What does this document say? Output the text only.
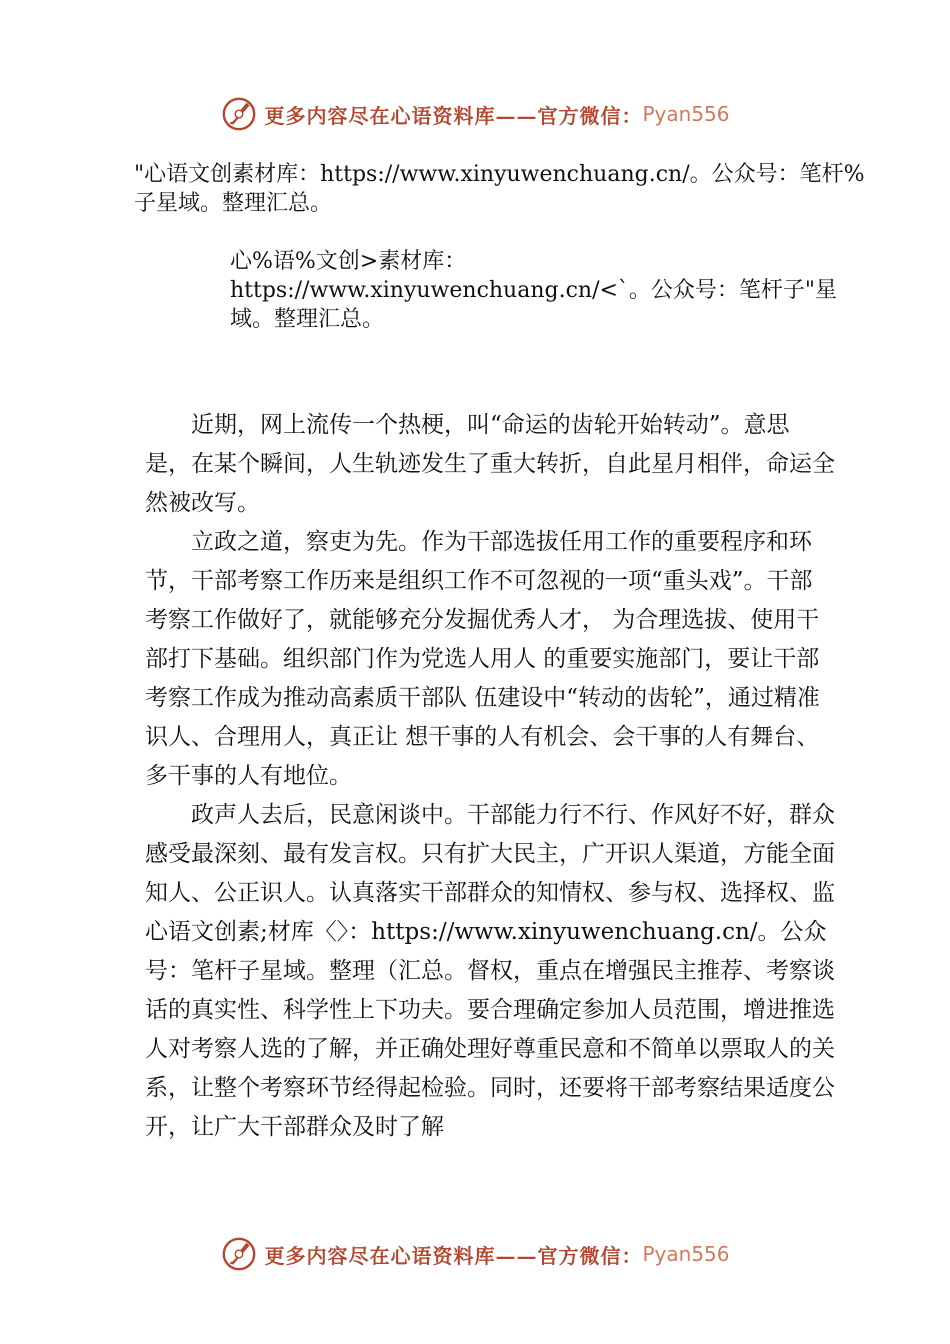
更多内容尽在心语资料库——官方微信： Pyan556
"心语文创素材库：https://www.xinyuwenchuang.cn/。公众号：笔杆%子星域。整理汇总。
心%语%文创>素材库：https://www.xinyuwenchuang.cn/<`。公众号：笔杆子"星域。整理汇总。

近期，网上流传一个热梗，叫“命运的齿轮开始转动”。意思是，在某个瞬间，人生轨迹发生了重大转折，自此星月相伴，命运全然被改写。

立政之道，察吏为先。作为干部选拔任用工作的重要程序和环节，干部考察工作历来是组织工作不可忽视的一项“重头戏”。干部考察工作做好了，就能够充分发掘优秀人才， 为合理选拔、使用干部打下基础。组织部门作为党选人用人 的重要实施部门，要让干部考察工作成为推动高素质干部队 伍建设中“转动的齿轮”，通过精准识人、合理用人，真正让 想干事的人有机会、会干事的人有舞台、多干事的人有地位。

政声人去后，民意闲谈中。干部能力行不行、作风好不好，群众感受最深刻、最有发言权。只有扩大民主，广开识人渠道，方能全面知人、公正识人。认真落实干部群众的知情权、参与权、选择权、监心语文创素;材库〈〉：https://www.xinyuwenchuang.cn/。公众号：笔杆子星域。整理（汇总。督权，重点在增强民主推荐、考察谈话的真实性、科学性上下功夫。要合理确定参加人员范围，增进推选人对考察人选的了解，并正确处理好尊重民意和不简单以票取人的关系，让整个考察环节经得起检验。同时，还要将干部考察结果适度公开，让广大干部群众及时了解

更多内容尽在心语资料库——官方微信： Pyan556
